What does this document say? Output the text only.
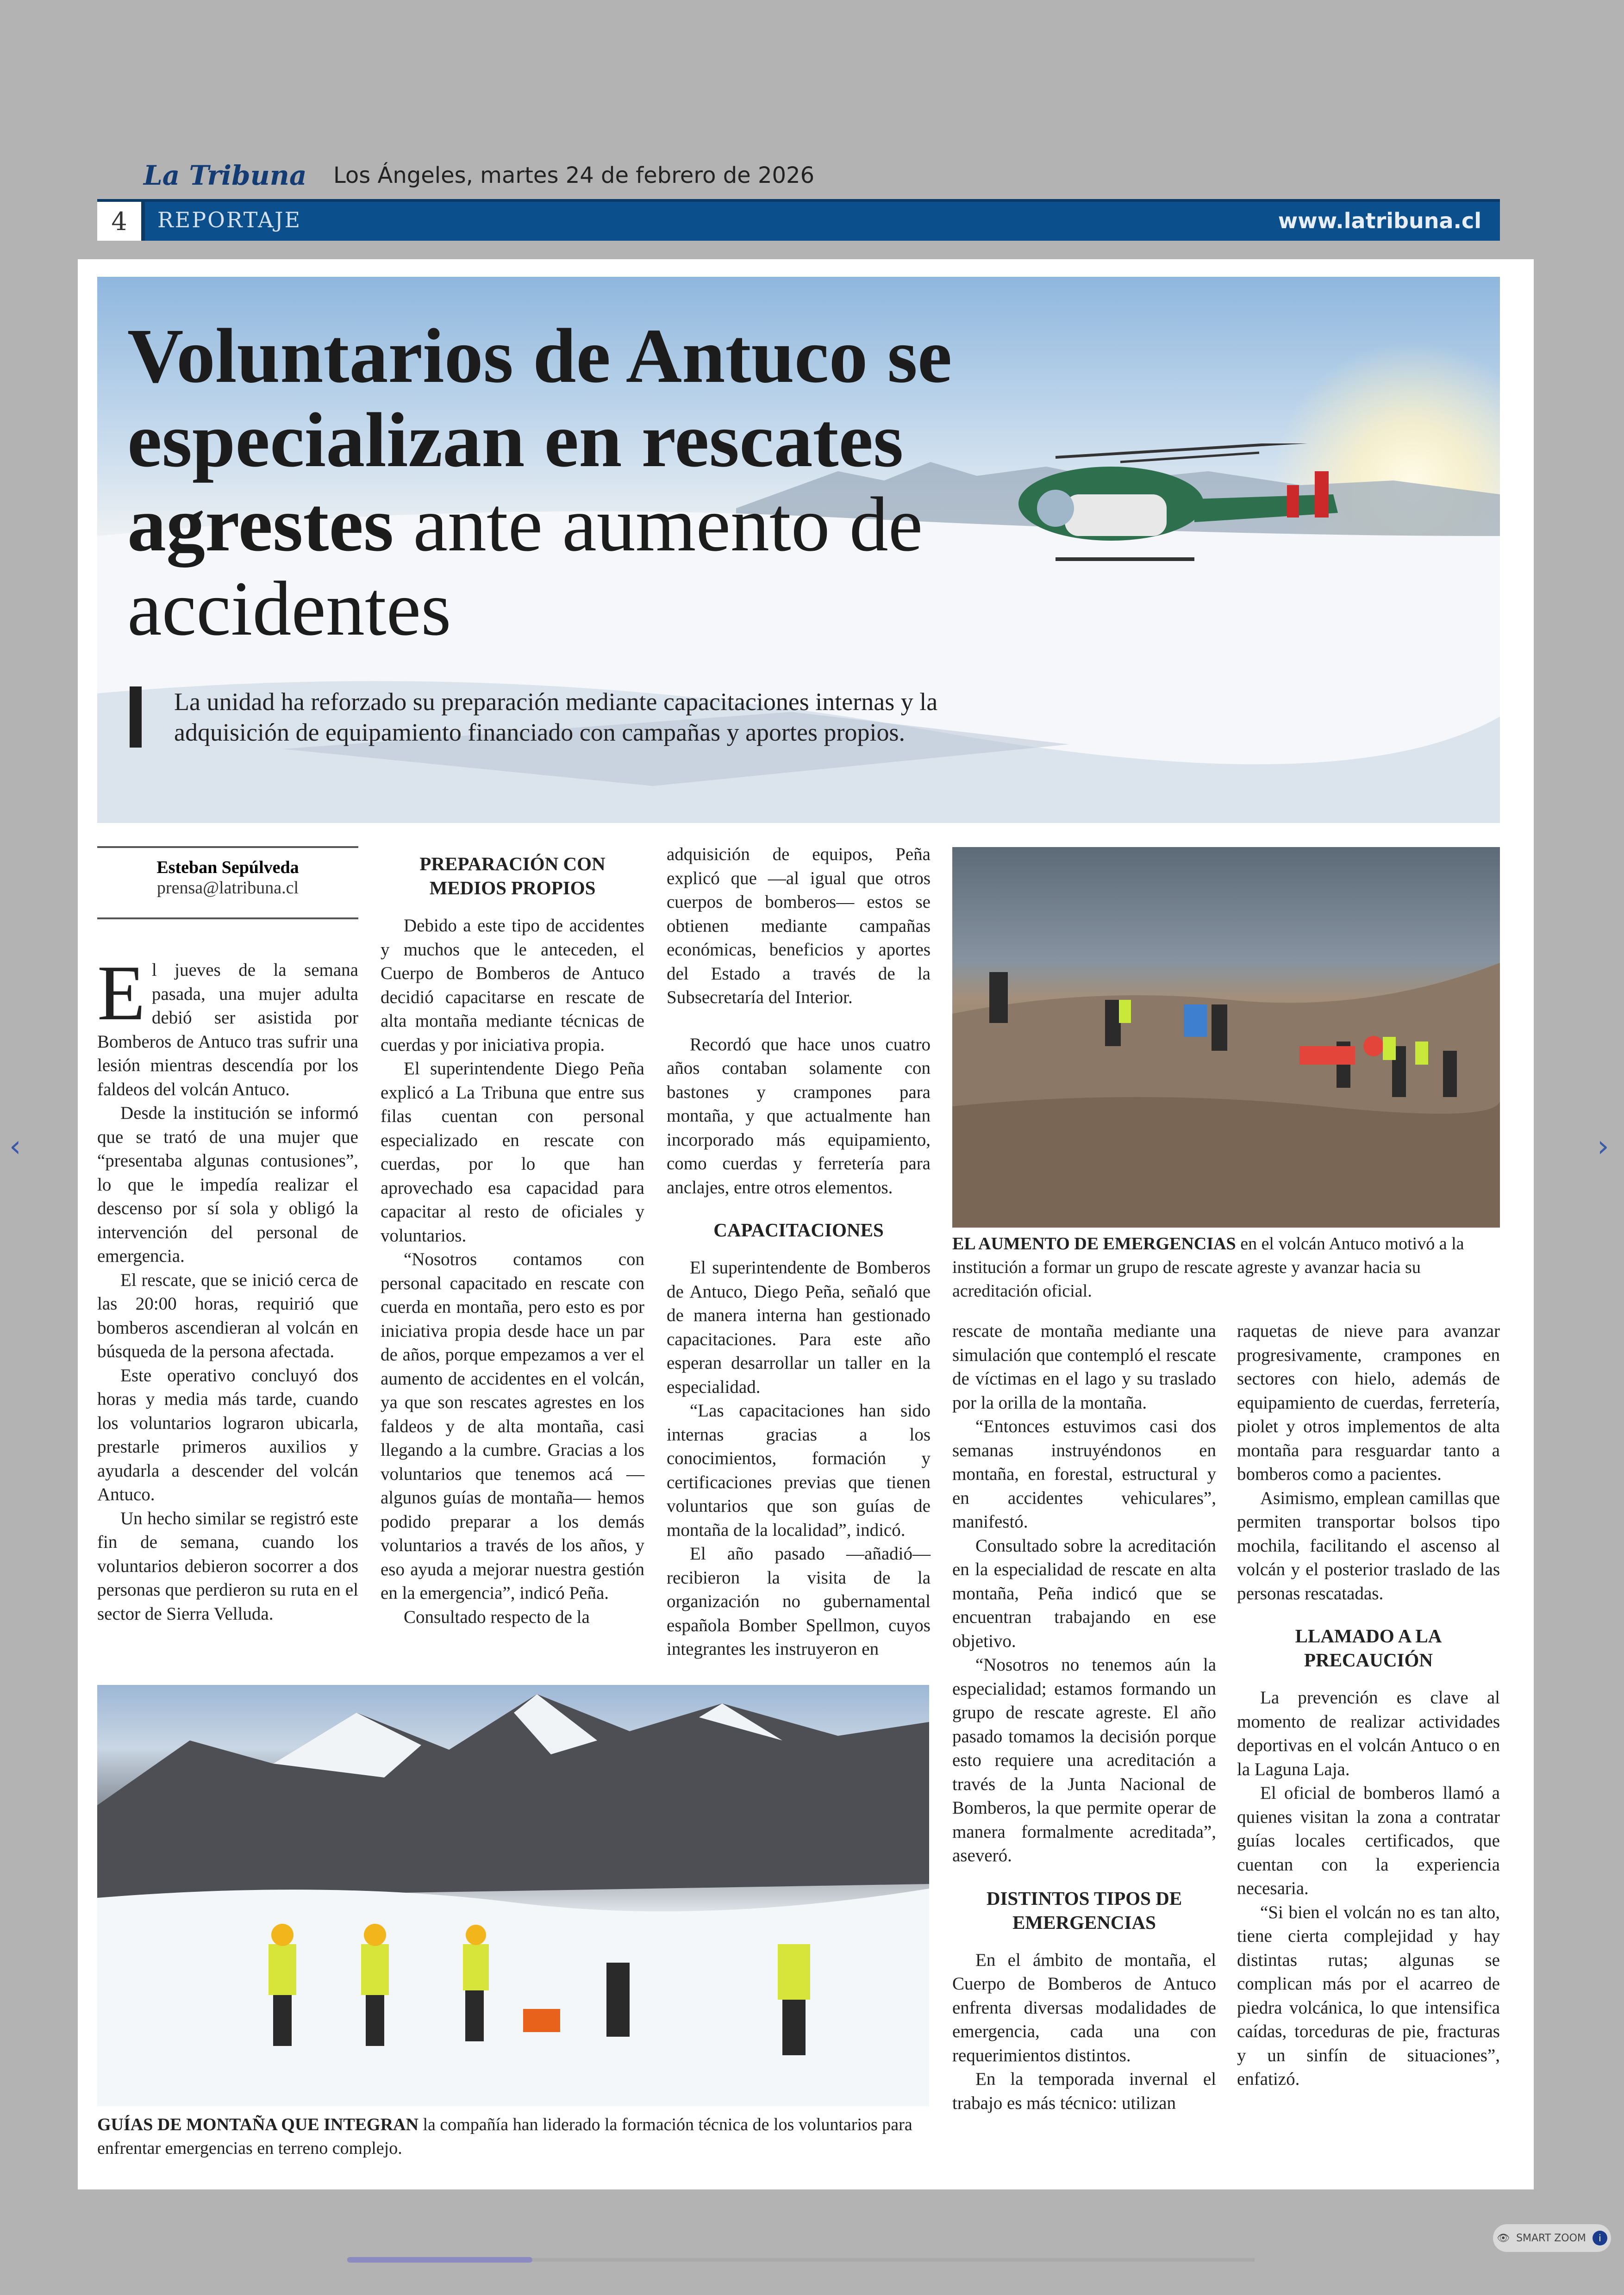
La Tribuna Los Ángeles, martes 24 de febrero de 2026
4	REPORTAJE	www.latribuna.cl
Voluntarios de Antuco se especializan en rescates agrestes ante aumento de accidentes
La unidad ha reforzado su preparación mediante capacitaciones internas y la adquisición de equipamiento financiado con campañas y aportes propios.
Esteban Sepúlveda
prensa@latribuna.cl

El jueves de la semana pasada, una mujer adulta debió ser asistida por Bomberos de Antuco tras sufrir una lesión mientras descendía por los faldeos del volcán Antuco.

Desde la institución se informó que se trató de una mujer que “presentaba algunas contusiones”, lo que le impedía realizar el descenso por sí sola y obligó la intervención del personal de emergencia.

El rescate, que se inició cerca de las 20:00 horas, requirió que bomberos ascendieran al volcán en búsqueda de la persona afectada.

Este operativo concluyó dos horas y media más tarde, cuando los voluntarios lograron ubicarla, prestarle primeros auxilios y ayudarla a descender del volcán Antuco.

Un hecho similar se registró este fin de semana, cuando los voluntarios debieron socorrer a dos personas que perdieron su ruta en el sector de Sierra Velluda.

PREPARACIÓN CON MEDIOS PROPIOS

Debido a este tipo de accidentes y muchos que le anteceden, el Cuerpo de Bomberos de Antuco decidió capacitarse en rescate de alta montaña mediante técnicas de cuerdas y por iniciativa propia.

El superintendente Diego Peña explicó a La Tribuna que entre sus filas cuentan con personal especializado en rescate con cuerdas, por lo que han aprovechado esa capacidad para capacitar al resto de oficiales y voluntarios.

“Nosotros contamos con personal capacitado en rescate con cuerda en montaña, pero esto es por iniciativa propia desde hace un par de años, porque empezamos a ver el aumento de accidentes en el volcán, ya que son rescates agrestes en los faldeos y de alta montaña, casi llegando a la cumbre. Gracias a los voluntarios que tenemos acá —algunos guías de montaña— hemos podido preparar a los demás voluntarios a través de los años, y eso ayuda a mejorar nuestra gestión en la emergencia”, indicó Peña.

Consultado respecto de la

adquisición de equipos, Peña explicó que —al igual que otros cuerpos de bomberos— estos se obtienen mediante campañas económicas, beneficios y aportes del Estado a través de la Subsecretaría del Interior.

Recordó que hace unos cuatro años contaban solamente con bastones y crampones para montaña, y que actualmente han incorporado más equipamiento, como cuerdas y ferretería para anclajes, entre otros elementos.

CAPACITACIONES

El superintendente de Bomberos de Antuco, Diego Peña, señaló que de manera interna han gestionado capacitaciones. Para este año esperan desarrollar un taller en la especialidad.

“Las capacitaciones han sido internas gracias a los conocimientos, formación y certificaciones previas que tienen voluntarios que son guías de montaña de la localidad”, indicó.

El año pasado —añadió— recibieron la visita de la organización no gubernamental española Bomber Spellmon, cuyos integrantes les instruyeron en

EL AUMENTO DE EMERGENCIAS en el volcán Antuco motivó a la institución a formar un grupo de rescate agreste y avanzar hacia su acreditación oficial.

rescate de montaña mediante una simulación que contempló el rescate de víctimas en el lago y su traslado por la orilla de la montaña.

“Entonces estuvimos casi dos semanas instruyéndonos en montaña, en forestal, estructural y en accidentes vehiculares”, manifestó.

Consultado sobre la acreditación en la especialidad de rescate en alta montaña, Peña indicó que se encuentran trabajando en ese objetivo.

“Nosotros no tenemos aún la especialidad; estamos formando un grupo de rescate agreste. El año pasado tomamos la decisión porque esto requiere una acreditación a través de la Junta Nacional de Bomberos, la que permite operar de manera formalmente acreditada”, aseveró.

DISTINTOS TIPOS DE EMERGENCIAS

En el ámbito de montaña, el Cuerpo de Bomberos de Antuco enfrenta diversas modalidades de emergencia, cada una con requerimientos distintos.

En la temporada invernal el trabajo es más técnico: utilizan

raquetas de nieve para avanzar progresivamente, crampones en sectores con hielo, además de equipamiento de cuerdas, ferretería, piolet y otros implementos de alta montaña para resguardar tanto a bomberos como a pacientes.

Asimismo, emplean camillas que permiten transportar bolsos tipo mochila, facilitando el ascenso al volcán y el posterior traslado de las personas rescatadas.

LLAMADO A LA PRECAUCIÓN

La prevención es clave al momento de realizar actividades deportivas en el volcán Antuco o en la Laguna Laja.

El oficial de bomberos llamó a quienes visitan la zona a contratar guías locales certificados, que cuentan con la experiencia necesaria.

“Si bien el volcán no es tan alto, tiene cierta complejidad y hay distintas rutas; algunas se complican más por el acarreo de piedra volcánica, lo que intensifica caídas, torceduras de pie, fracturas y un sinfín de situaciones”, enfatizó.

GUÍAS DE MONTAÑA QUE INTEGRAN la compañía han liderado la formación técnica de los voluntarios para enfrentar emergencias en terreno complejo.
‹	›
👁 SMART ZOOM	i
